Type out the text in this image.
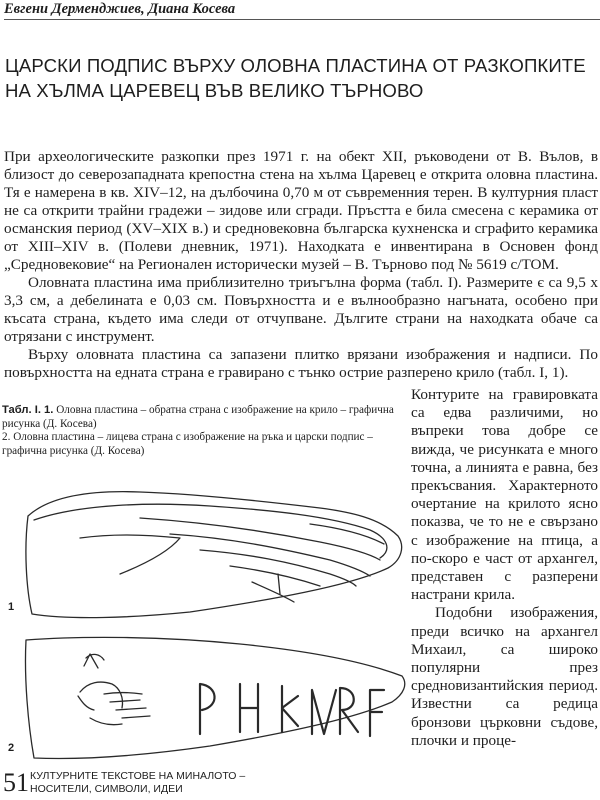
Евгени Дерменджиев, Диана Косева
ЦАРСКИ ПОДПИС ВЪРХУ ОЛОВНА ПЛАСТИНА ОТ РАЗКОПКИТЕ
НА ХЪЛМА ЦАРЕВЕЦ ВЪВ ВЕЛИКО ТЪРНОВО

При археологическите разкопки през 1971 г. на обект XII, ръководени от В. Вълов, в близост до северозападната крепостна стена на хълма Царевец е открита оловна пластина. Тя е намерена в кв. XIV–12, на дълбочина 0,70 м от съвременния терен. В културния пласт не са открити трайни градежи – зидове или сгради. Пръстта е била смесена с керамика от османския период (XV–XIX в.) и средновековна българска кухненска и сграфито керамика от XIII–XIV в. (Полеви дневник, 1971). Находката е инвентирана в Основен фонд „Средновековие“ на Регионален исторически музей – В. Търново под № 5619 с/ТОМ.

Оловната пластина има приблизително триъгълна форма (табл. I). Размерите є са 9,5 х 3,3 см, а дебелината е 0,03 см. Повърхността и е вълнообразно нагъната, особено при късата страна, където има следи от отчупване. Дългите страни на находката обаче са отрязани с инструмент.

Върху оловната пластина са запазени плитко врязани изображения и надписи. По повърхността на едната страна е гравирано с тънко острие разперено крило (табл. I, 1).

Табл. I. 1. Оловна пластина – обратна страна с изображение на крило – графична рисунка (Д. Косева)

2. Оловна пластина – лицева страна с изображение на ръка и царски подпис – графична рисунка (Д. Косева)

Контурите на гравировката са едва различими, но въпреки това добре се вижда, че рисунката е много точна, а линията е равна, без прекъсвания. Характерното очертание на крилото ясно показва, че то не е свързано с изображение на птица, а по-скоро е част от архангел, представен с разперени настрани крила.

Подобни изображения, преди всичко на архангел Михаил, са широко популярни през средновизантийския период. Известни са редица бронзови църковни съдове, плочки и проце-

1
2
51 КУЛТУРНИТЕ ТЕКСТОВЕ НА МИНАЛОТО –
НОСИТЕЛИ, СИМВОЛИ, ИДЕИ
